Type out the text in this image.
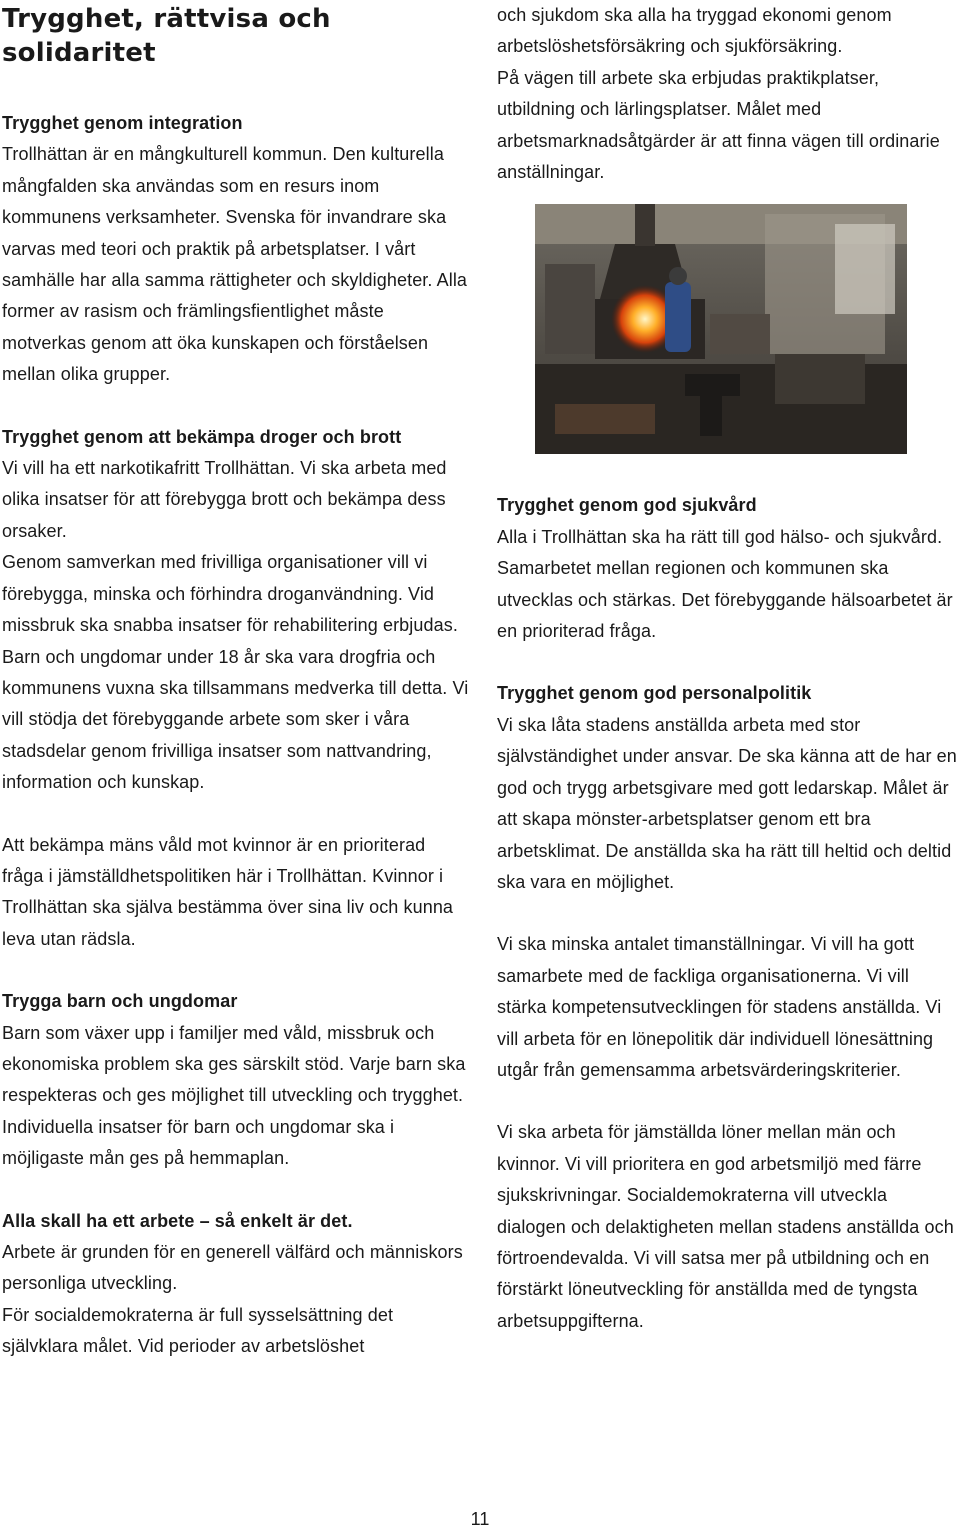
Trygghet, rättvisa och solidaritet
Trygghet genom integration

Trollhättan är en mångkulturell kommun. Den kulturella mångfalden ska användas som en resurs inom kommunens verksamheter. Svenska för invandrare ska varvas med teori och praktik på arbetsplatser. I vårt samhälle har alla samma rättigheter och skyldigheter. Alla former av rasism och främlingsfientlighet måste motverkas genom att öka kunskapen och förståelsen mellan olika grupper.

Trygghet genom att bekämpa droger och brott

Vi vill ha ett narkotikafritt Trollhättan. Vi ska arbeta med olika insatser för att förebygga brott och bekämpa dess orsaker.

Genom samverkan med frivilliga organisationer vill vi förebygga, minska och förhindra droganvändning. Vid missbruk ska snabba insatser för rehabilitering erbjudas. Barn och ungdomar under 18 år ska vara drogfria och kommunens vuxna ska tillsammans medverka till detta. Vi vill stödja det förebyggande arbete som sker i våra stadsdelar genom frivilliga insatser som nattvandring, information och kunskap.

Att bekämpa mäns våld mot kvinnor är en prioriterad fråga i jämställdhetspolitiken här i Trollhättan. Kvinnor i Trollhättan ska själva bestämma över sina liv och kunna leva utan rädsla.

Trygga barn och ungdomar

Barn som växer upp i familjer med våld, missbruk och ekonomiska problem ska ges särskilt stöd. Varje barn ska respekteras och ges möjlighet till utveckling och trygghet. Individuella insatser för barn och ungdomar ska i möjligaste mån ges på hemmaplan.

Alla skall ha ett arbete – så enkelt är det.

Arbete är grunden för en generell välfärd och människors personliga utveckling.

För socialdemokraterna är full sysselsättning det självklara målet. Vid perioder av arbetslöshet

och sjukdom ska alla ha tryggad ekonomi genom arbetslöshetsförsäkring och sjukförsäkring.

På vägen till arbete ska erbjudas praktikplatser, utbildning och lärlingsplatser. Målet med arbetsmarknadsåtgärder är att finna vägen till ordinarie anställningar.

Trygghet genom god sjukvård

Alla i Trollhättan ska ha rätt till god hälso- och sjukvård. Samarbetet mellan regionen och kommunen ska utvecklas och stärkas. Det förebyggande hälsoarbetet är en prioriterad fråga.

Trygghet genom god personalpolitik

Vi ska låta stadens anställda arbeta med stor självständighet under ansvar. De ska känna att de har en god och trygg arbetsgivare med gott ledarskap. Målet är att skapa mönster-arbetsplatser genom ett bra arbetsklimat. De anställda ska ha rätt till heltid och deltid ska vara en möjlighet.

Vi ska minska antalet timanställningar. Vi vill ha gott samarbete med de fackliga organisationerna. Vi vill stärka kompetensutvecklingen för stadens anställda. Vi vill arbeta för en lönepolitik där individuell lönesättning utgår från gemensamma arbetsvärderingskriterier.

Vi ska arbeta för jämställda löner mellan män och kvinnor. Vi vill prioritera en god arbetsmiljö med färre sjukskrivningar. Socialdemokraterna vill utveckla dialogen och delaktigheten mellan stadens anställda och förtroendevalda. Vi vill satsa mer på utbildning och en förstärkt löneutveckling för anställda med de tyngsta arbetsuppgifterna.

11
